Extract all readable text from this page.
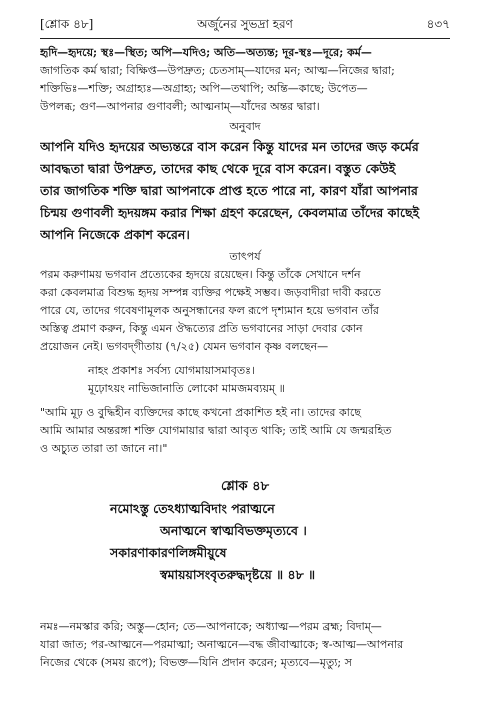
[শ্লোক ৪৮]	অর্জুনের সুভদ্রা হরণ	৪৩৭
হৃদি—হৃদয়ে; স্থঃ—স্থিত; অপি—যদিও; অতি—অত্যন্ত; দূর-স্থঃ—দূরে; কর্ম—
জাগতিক কর্ম দ্বারা; বিক্ষিপ্ত—উপদ্রুত; চেতসাম্—যাদের মন; আত্ম—নিজের দ্বারা;
শক্তিভিঃ—শক্তি; অগ্রাহ্যঃ—অগ্রাহ্য; অপি—তথাপি; অন্তি—কাছে; উপেত—
উপলব্ধ; গুণ—আপনার গুণাবলী; আত্মনাম্—যাঁদের অন্তর দ্বারা।
অনুবাদ
আপনি যদিও হৃদয়ের অভ্যন্তরে বাস করেন কিন্তু যাদের মন তাদের জড় কর্মের
আবদ্ধতা দ্বারা উপদ্রুত, তাদের কাছ থেকে দূরে বাস করেন। বস্তুত কেউই
তার জাগতিক শক্তি দ্বারা আপনাকে প্রাপ্ত হতে পারে না, কারণ যাঁরা আপনার
চিন্ময় গুণাবলী হৃদয়ঙ্গম করার শিক্ষা গ্রহণ করেছেন, কেবলমাত্র তাঁদের কাছেই
আপনি নিজেকে প্রকাশ করেন।
তাৎপর্য
পরম করুণাময় ভগবান প্রত্যেকের হৃদয়ে রয়েছেন। কিন্তু তাঁকে সেখানে দর্শন
করা কেবলমাত্র বিশুদ্ধ হৃদয় সম্পন্ন ব্যক্তির পক্ষেই সম্ভব। জড়বাদীরা দাবী করতে
পারে যে, তাদের গবেষণামূলক অনুসন্ধানের ফল রূপে দৃশ্যমান হয়ে ভগবান তাঁর
অস্তিত্ব প্রমাণ করুন, কিন্তু এমন ঔদ্ধত্যের প্রতি ভগবানের সাড়া দেবার কোন
প্রয়োজন নেই। ভগবদ্‌গীতায় (৭/২৫) যেমন ভগবান কৃষ্ণ বলছেন—
নাহং প্রকাশঃ সর্বস্য যোগমায়াসমাবৃতঃ।
মূঢ়োঽয়ং নাভিজানাতি লোকো মামজমব্যয়ম্‌ ॥
"আমি মূঢ় ও বুদ্ধিহীন ব্যক্তিদের কাছে কখনো প্রকাশিত হই না। তাদের কাছে
আমি আমার অন্তরঙ্গা শক্তি যোগমায়ার দ্বারা আবৃত থাকি; তাই আমি যে জন্মরহিত
ও অচ্যুত তারা তা জানে না।"
শ্লোক ৪৮
নমোঽস্তু তেঽধ্যাত্মবিদাং পরাত্মনে
অনাত্মনে স্বাত্মবিভক্তমৃত্যবে ।
সকারণাকারণলিঙ্গমীয়ুষে
স্বমায়য়াসংবৃতরুদ্ধদৃষ্টয়ে ॥ ৪৮ ॥
নমঃ—নমস্কার করি; অস্তু—হোন; তে—আপনাকে; অধ্যাত্ম—পরম ব্রহ্ম; বিদাম্—
যারা জাত; পর-আত্মনে—পরমাত্মা; অনাত্মনে—বদ্ধ জীবাত্মাকে; স্ব-আত্ম—আপনার
নিজের থেকে (সময় রূপে); বিভক্ত—যিনি প্রদান করেন; মৃত্যবে—মৃত্যু; স
